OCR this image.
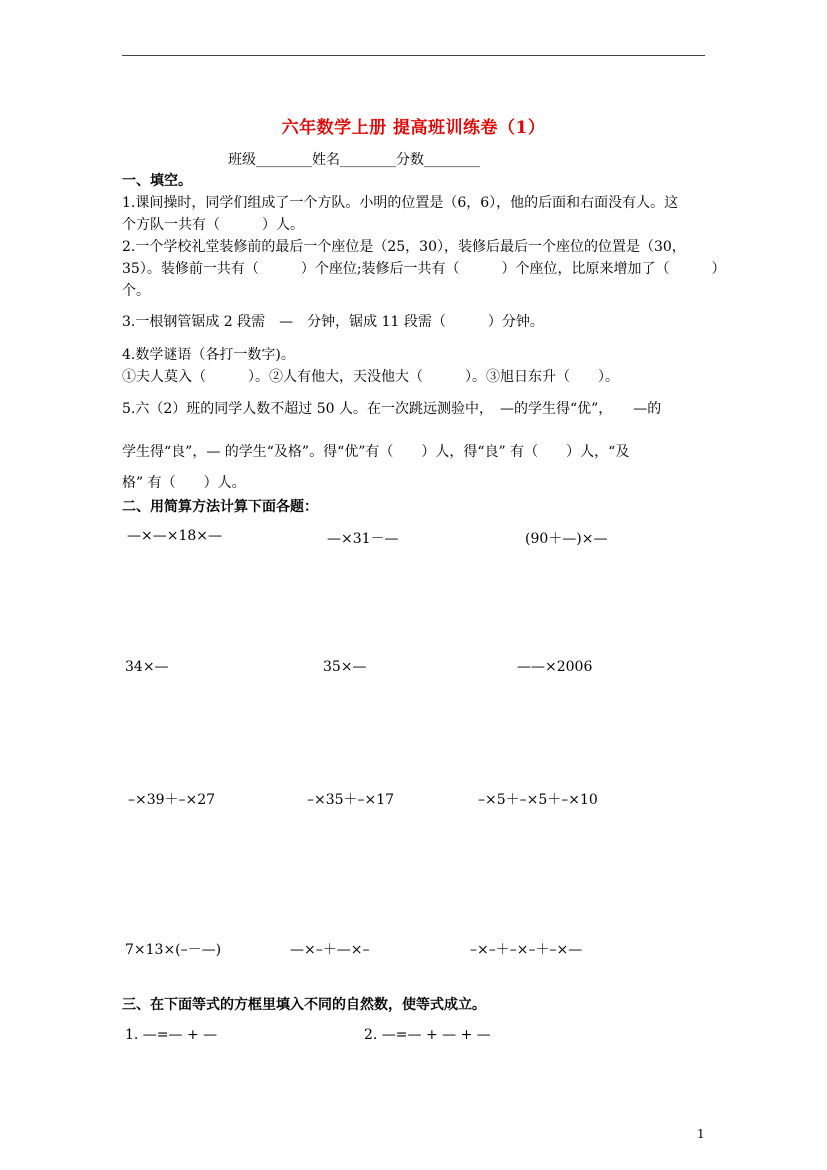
六年数学上册 提高班训练卷（1）
班级________姓名________分数________
一、填空。
1.课间操时，同学们组成了一个方队。小明的位置是（6，6），他的后面和右面没有人。这
个方队一共有（　　　）人。
2.一个学校礼堂装修前的最后一个座位是（25，30），装修后最后一个座位的位置是（30，
35）。装修前一共有（　　　）个座位;装修后一共有（　　　）个座位，比原来增加了（　　　）
个。
3.一根钢管锯成 2 段需　—　分钟，锯成 11 段需（　　　）分钟。
4.数学谜语（各打一数字)。
①夫人莫入（　　　）。②人有他大，天没他大（　　　）。③旭日东升（　　）。
5.六（2）班的同学人数不超过 50 人。在一次跳远测验中，　—的学生得“优”，　　—的
学生得“良”，— 的学生“及格”。得“优”有（　　）人，得“良” 有（　　）人，“及
格” 有（　　）人。
二、用简算方法计算下面各题：
—×—×18×—	—×31－—	(90＋—)×—
34×—	35×—	——×2006
–×39＋–×27	–×35＋–×17	–×5＋–×5＋–×10
7×13×(–－—)	—×–＋—×–	–×–＋–×–＋–×—
三、在下面等式的方框里填入不同的自然数，使等式成立。
1. —=— + —	2. —=— + — + —
1
